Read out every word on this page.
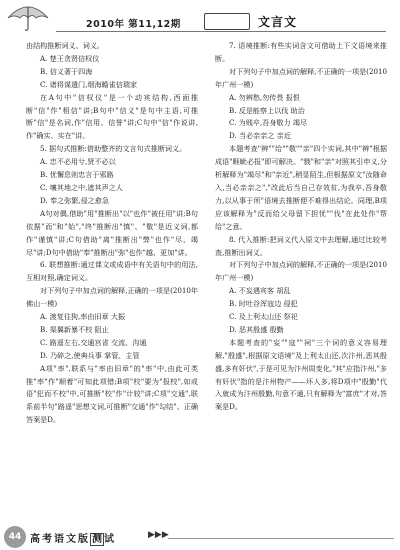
2010年 第11,12期	文言文

由结构推断词义、词义。

A. 楚王贪贤信权仪

B. 信义著于四海

C. 诸将谋遣门,烟海瞻雀信瑞家

在A句中"信权仪"是一个动宾结构,西面推断"信"作"相信"讲;B句中"信义"是句中主语,可推断"信"是名词,作"信用、信誉"讲;C句中"信"作说讲,作"确实、实在"讲。

5. 据句式推断:借助整齐的文言句式推断词义。

A. 忠不必用兮,贤不必以

B. 忧懈息则忠言于邪路

C. 壤其地之中,遮其声之人

D. 奉之弥繁,侵之愈急

A句对偶,借助"用"推断出"以"也作"被任用"讲;B句依据"而"和"始","终"推断出"慎"、"敬"是近义词,都作"谨慎"讲;C句借助"离"推断出"弊"也作"尽、竭尽"讲;D句中借助"奉"推断出"弥"也作"越、更加"讲。

6. 联想推断:通过课文或成语中有关语句中的用法,互相对照,确定词义。

对下列句子中加点词的解释,正确的一项是(2010年佛山一模)

A. 渡复往狗,率由旧章 大振

B. 渠翼新暴不校 阻止

C. 路遥左右,交通宫省 交流、沟通

D. 乃碎之,使典兵事 掌管、主管

A项"率",联系与"率由旧章"的"率"中,由此可类推"率"作"顺着"可知此项错;B项"校"要为"报校",如或语"犯而不校"中,可推断"校"作"计较"讲;C项"交通",联系前半句"路遥"思想文词,可推断"交通"作"勾结"。正确答案是D。

7. 语境推断:有些实词含文可借助上下文语境来推断。

对下列句子中加点词的解释,不正确的一项是(2010年广州一模)

A. 勿辨愁,勿传畏 报恨

B. 反是能察上以伐 助治

C. 为贱卒,吾身敬力 竭尽

D. 当必亲亲之 亲近

本题考查"辨""给""敬""亲"四个实词,其中"辨"根据成语"睚眦必报"即可解决。"戮"和"亲"对照其引申义,分析解释为"竭尽"和"亲近",稍显陌生,但根据原文"汝随命入,当必亲亲之","改此后当自己存效贫,为我卒,吾身敬力,以从事于所"语境去推断便不难得出结论。同理,B项应该解释为"反而给父母留下担忧""伐"在此处作"帮给"之意。

8. 代入推断:把词义代入原文中去理解,通过比较考查,推断出词义。

对下列句子中加点词的解释,不正确的一项是(2010年广州一模)

A. 不妄遇宾客 胡乱

B. 时吐谷浑寇边 侵犯

C. 及上利太山还 祭祀

D. 恶其殷盛 殷勤

本题考查的"妄""寇""祠"三个词的意义容易理解,"殷盛",根据原文语境"及上利太山还,次汴州,恶其殷盛,多有奸伏",于是可见为汴州周变化,"其"应指汴州,"多有奸伏"指的是汴州物产——坏人多,将D项中"殷勤"代入就成为汴州殷勤,句意不通,只有解释为"富庶"才对,答案是D。

44 高考语文版 测 试	▶▶▶
